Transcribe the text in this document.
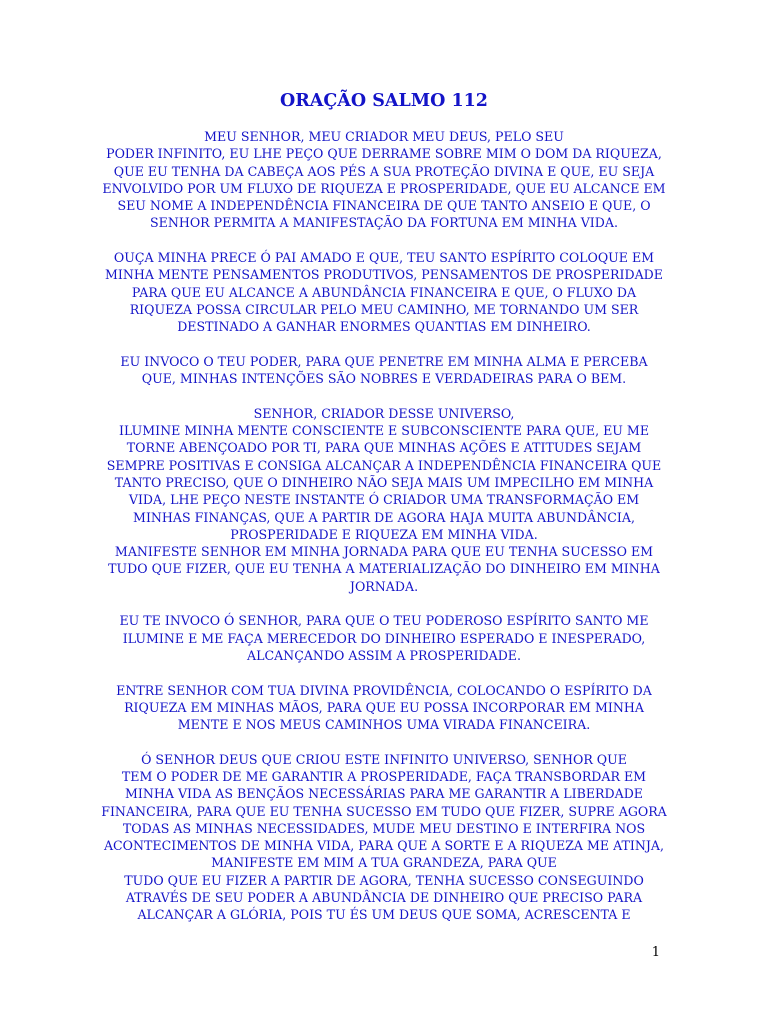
ORAÇÃO SALMO 112
MEU SENHOR, MEU CRIADOR MEU DEUS, PELO SEU
PODER INFINITO, EU LHE PEÇO QUE DERRAME SOBRE MIM O DOM DA RIQUEZA,
QUE EU TENHA DA CABEÇA AOS PÉS A SUA PROTEÇÃO DIVINA E QUE, EU SEJA
ENVOLVIDO POR UM FLUXO DE RIQUEZA E PROSPERIDADE, QUE EU ALCANCE EM
SEU NOME A INDEPENDÊNCIA FINANCEIRA DE QUE TANTO ANSEIO E QUE, O
SENHOR PERMITA A MANIFESTAÇÃO DA FORTUNA EM MINHA VIDA.
OUÇA MINHA PRECE Ó PAI AMADO E QUE, TEU SANTO ESPÍRITO COLOQUE EM
MINHA MENTE PENSAMENTOS PRODUTIVOS, PENSAMENTOS DE PROSPERIDADE
PARA QUE EU ALCANCE A ABUNDÂNCIA FINANCEIRA E QUE, O FLUXO DA
RIQUEZA POSSA CIRCULAR PELO MEU CAMINHO, ME TORNANDO UM SER
DESTINADO A GANHAR ENORMES QUANTIAS EM DINHEIRO.
EU INVOCO O TEU PODER, PARA QUE PENETRE EM MINHA ALMA E PERCEBA
QUE, MINHAS INTENÇÕES SÃO NOBRES E VERDADEIRAS PARA O BEM.
SENHOR, CRIADOR DESSE UNIVERSO,
ILUMINE MINHA MENTE CONSCIENTE E SUBCONSCIENTE PARA QUE, EU ME
TORNE ABENÇOADO POR TI, PARA QUE MINHAS AÇÕES E ATITUDES SEJAM
SEMPRE POSITIVAS E CONSIGA ALCANÇAR A INDEPENDÊNCIA FINANCEIRA QUE
TANTO PRECISO, QUE O DINHEIRO NÃO SEJA MAIS UM IMPECILHO EM MINHA
VIDA, LHE PEÇO NESTE INSTANTE Ó CRIADOR UMA TRANSFORMAÇÃO EM
MINHAS FINANÇAS, QUE A PARTIR DE AGORA HAJA MUITA ABUNDÂNCIA,
PROSPERIDADE E RIQUEZA EM MINHA VIDA.
MANIFESTE SENHOR EM MINHA JORNADA PARA QUE EU TENHA SUCESSO EM
TUDO QUE FIZER, QUE EU TENHA A MATERIALIZAÇÃO DO DINHEIRO EM MINHA
JORNADA.
EU TE INVOCO Ó SENHOR, PARA QUE O TEU PODEROSO ESPÍRITO SANTO ME
ILUMINE E ME FAÇA MERECEDOR DO DINHEIRO ESPERADO E INESPERADO,
ALCANÇANDO ASSIM A PROSPERIDADE.
ENTRE SENHOR COM TUA DIVINA PROVIDÊNCIA, COLOCANDO O ESPÍRITO DA
RIQUEZA EM MINHAS MÃOS, PARA QUE EU POSSA INCORPORAR EM MINHA
MENTE E NOS MEUS CAMINHOS UMA VIRADA FINANCEIRA.
Ó SENHOR DEUS QUE CRIOU ESTE INFINITO UNIVERSO, SENHOR QUE
TEM O PODER DE ME GARANTIR A PROSPERIDADE, FAÇA TRANSBORDAR EM
MINHA VIDA AS BENÇÃOS NECESSÁRIAS PARA ME GARANTIR A LIBERDADE
FINANCEIRA, PARA QUE EU TENHA SUCESSO EM TUDO QUE FIZER, SUPRE AGORA
TODAS AS MINHAS NECESSIDADES, MUDE MEU DESTINO E INTERFIRA NOS
ACONTECIMENTOS DE MINHA VIDA, PARA QUE A SORTE E A RIQUEZA ME ATINJA,
MANIFESTE EM MIM A TUA GRANDEZA, PARA QUE
TUDO QUE EU FIZER A PARTIR DE AGORA, TENHA SUCESSO CONSEGUINDO
ATRAVÉS DE SEU PODER A ABUNDÂNCIA DE DINHEIRO QUE PRECISO PARA
ALCANÇAR A GLÓRIA, POIS TU ÉS UM DEUS QUE SOMA, ACRESCENTA E
1
